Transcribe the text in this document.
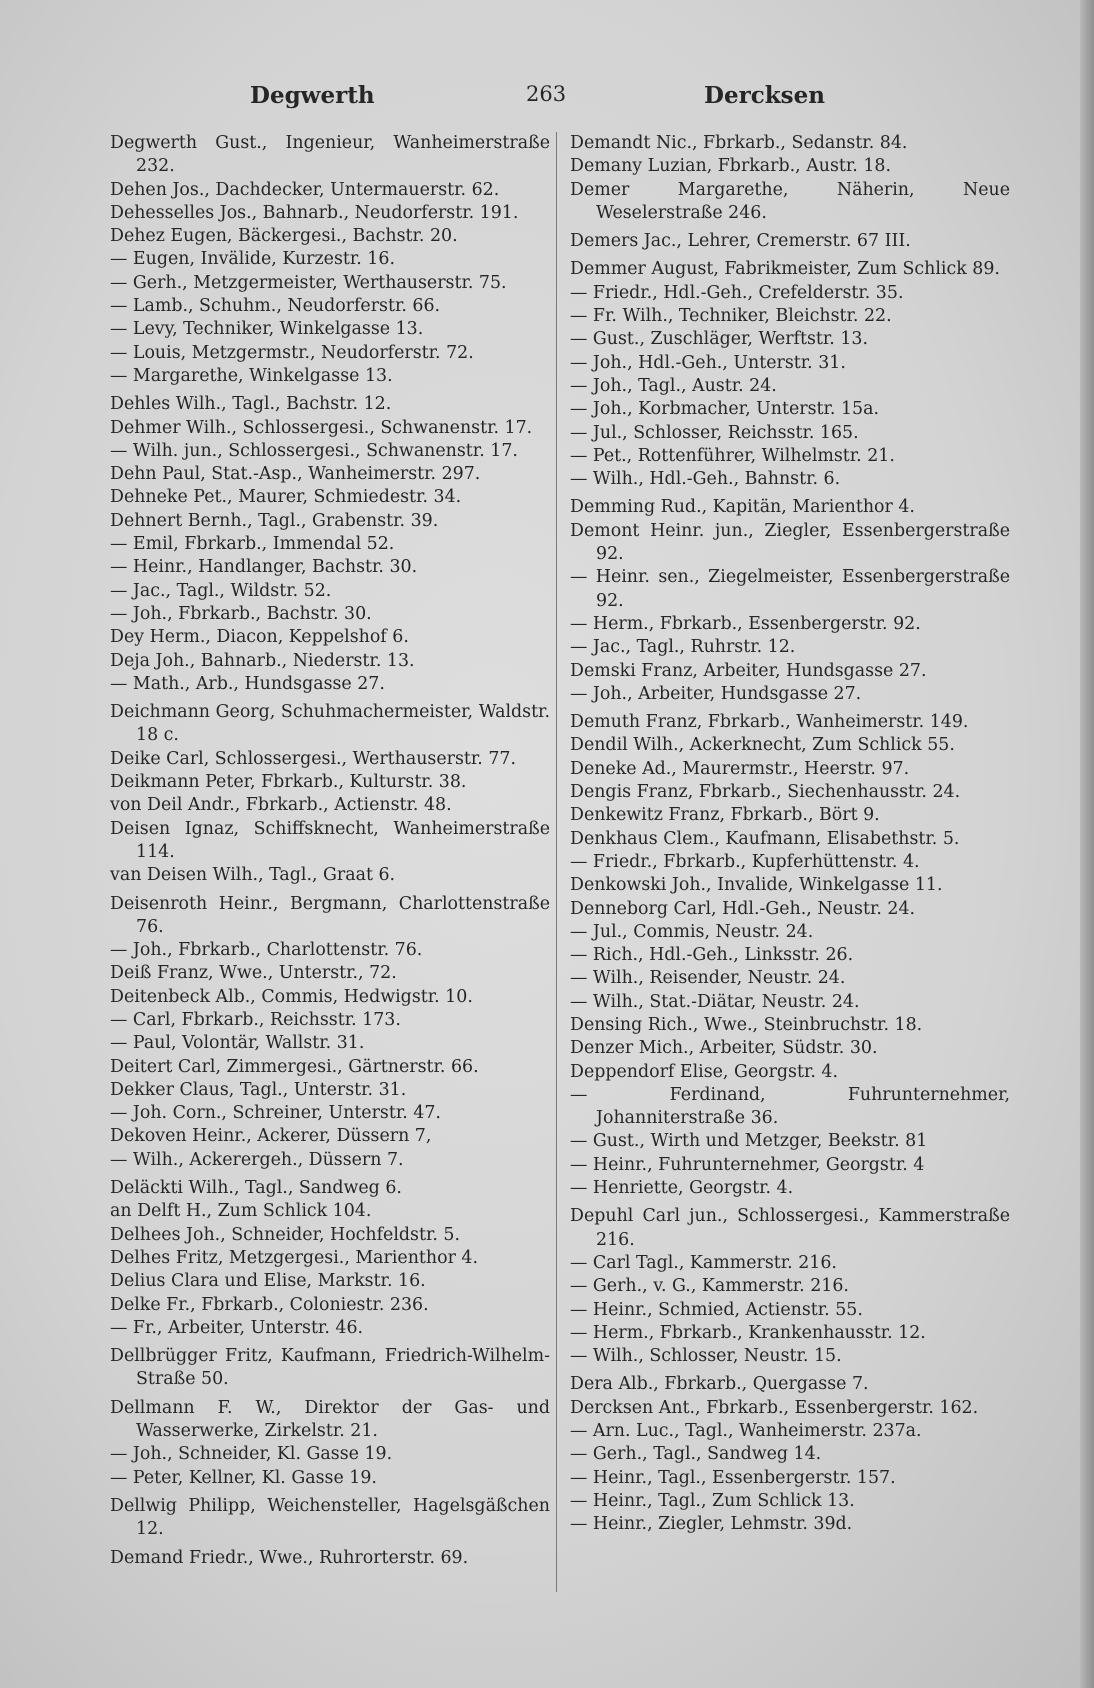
Degwerth	263	Dercksen
Degwerth Gust., Ingenieur, Wanheimerstraße 232.
Dehen Jos., Dachdecker, Untermauerstr. 62.
Dehesselles Jos., Bahnarb., Neudorferstr. 191.
Dehez Eugen, Bäckergesi., Bachstr. 20.
— Eugen, Invälide, Kurzestr. 16.
— Gerh., Metzgermeister, Werthauserstr. 75.
— Lamb., Schuhm., Neudorferstr. 66.
— Levy, Techniker, Winkelgasse 13.
— Louis, Metzgermstr., Neudorferstr. 72.
— Margarethe, Winkelgasse 13.
Dehles Wilh., Tagl., Bachstr. 12.
Dehmer Wilh., Schlossergesi., Schwanenstr. 17.
— Wilh. jun., Schlossergesi., Schwanenstr. 17.
Dehn Paul, Stat.-Asp., Wanheimerstr. 297.
Dehneke Pet., Maurer, Schmiedestr. 34.
Dehnert Bernh., Tagl., Grabenstr. 39.
— Emil, Fbrkarb., Immendal 52.
— Heinr., Handlanger, Bachstr. 30.
— Jac., Tagl., Wildstr. 52.
— Joh., Fbrkarb., Bachstr. 30.
Dey Herm., Diacon, Keppelshof 6.
Deja Joh., Bahnarb., Niederstr. 13.
— Math., Arb., Hundsgasse 27.
Deichmann Georg, Schuhmachermeister, Waldstr. 18 c.
Deike Carl, Schlossergesi., Werthauserstr. 77.
Deikmann Peter, Fbrkarb., Kulturstr. 38.
von Deil Andr., Fbrkarb., Actienstr. 48.
Deisen Ignaz, Schiffsknecht, Wanheimerstraße 114.
van Deisen Wilh., Tagl., Graat 6.
Deisenroth Heinr., Bergmann, Charlottenstraße 76.
— Joh., Fbrkarb., Charlottenstr. 76.
Deiß Franz, Wwe., Unterstr., 72.
Deitenbeck Alb., Commis, Hedwigstr. 10.
— Carl, Fbrkarb., Reichsstr. 173.
— Paul, Volontär, Wallstr. 31.
Deitert Carl, Zimmergesi., Gärtnerstr. 66.
Dekker Claus, Tagl., Unterstr. 31.
— Joh. Corn., Schreiner, Unterstr. 47.
Dekoven Heinr., Ackerer, Düssern 7,
— Wilh., Ackerergeh., Düssern 7.
Deläckti Wilh., Tagl., Sandweg 6.
an Delft H., Zum Schlick 104.
Delhees Joh., Schneider, Hochfeldstr. 5.
Delhes Fritz, Metzgergesi., Marienthor 4.
Delius Clara und Elise, Markstr. 16.
Delke Fr., Fbrkarb., Coloniestr. 236.
— Fr., Arbeiter, Unterstr. 46.
Dellbrügger Fritz, Kaufmann, Friedrich-Wilhelm-Straße 50.
Dellmann F. W., Direktor der Gas- und Wasserwerke, Zirkelstr. 21.
— Joh., Schneider, Kl. Gasse 19.
— Peter, Kellner, Kl. Gasse 19.
Dellwig Philipp, Weichensteller, Hagelsgäßchen 12.
Demand Friedr., Wwe., Ruhrorterstr. 69.
Demandt Nic., Fbrkarb., Sedanstr. 84.
Demany Luzian, Fbrkarb., Austr. 18.
Demer Margarethe, Näherin, Neue Weselerstraße 246.
Demers Jac., Lehrer, Cremerstr. 67 III.
Demmer August, Fabrikmeister, Zum Schlick 89.
— Friedr., Hdl.-Geh., Crefelderstr. 35.
— Fr. Wilh., Techniker, Bleichstr. 22.
— Gust., Zuschläger, Werftstr. 13.
— Joh., Hdl.-Geh., Unterstr. 31.
— Joh., Tagl., Austr. 24.
— Joh., Korbmacher, Unterstr. 15a.
— Jul., Schlosser, Reichsstr. 165.
— Pet., Rottenführer, Wilhelmstr. 21.
— Wilh., Hdl.-Geh., Bahnstr. 6.
Demming Rud., Kapitän, Marienthor 4.
Demont Heinr. jun., Ziegler, Essenbergerstraße 92.
— Heinr. sen., Ziegelmeister, Essenbergerstraße 92.
— Herm., Fbrkarb., Essenbergerstr. 92.
— Jac., Tagl., Ruhrstr. 12.
Demski Franz, Arbeiter, Hundsgasse 27.
— Joh., Arbeiter, Hundsgasse 27.
Demuth Franz, Fbrkarb., Wanheimerstr. 149.
Dendil Wilh., Ackerknecht, Zum Schlick 55.
Deneke Ad., Maurermstr., Heerstr. 97.
Dengis Franz, Fbrkarb., Siechenhausstr. 24.
Denkewitz Franz, Fbrkarb., Bört 9.
Denkhaus Clem., Kaufmann, Elisabethstr. 5.
— Friedr., Fbrkarb., Kupferhüttenstr. 4.
Denkowski Joh., Invalide, Winkelgasse 11.
Denneborg Carl, Hdl.-Geh., Neustr. 24.
— Jul., Commis, Neustr. 24.
— Rich., Hdl.-Geh., Linksstr. 26.
— Wilh., Reisender, Neustr. 24.
— Wilh., Stat.-Diätar, Neustr. 24.
Densing Rich., Wwe., Steinbruchstr. 18.
Denzer Mich., Arbeiter, Südstr. 30.
Deppendorf Elise, Georgstr. 4.
— Ferdinand, Fuhrunternehmer, Johanniterstraße 36.
— Gust., Wirth und Metzger, Beekstr. 81
— Heinr., Fuhrunternehmer, Georgstr. 4
— Henriette, Georgstr. 4.
Depuhl Carl jun., Schlossergesi., Kammerstraße 216.
— Carl Tagl., Kammerstr. 216.
— Gerh., v. G., Kammerstr. 216.
— Heinr., Schmied, Actienstr. 55.
— Herm., Fbrkarb., Krankenhausstr. 12.
— Wilh., Schlosser, Neustr. 15.
Dera Alb., Fbrkarb., Quergasse 7.
Dercksen Ant., Fbrkarb., Essenbergerstr. 162.
— Arn. Luc., Tagl., Wanheimerstr. 237a.
— Gerh., Tagl., Sandweg 14.
— Heinr., Tagl., Essenbergerstr. 157.
— Heinr., Tagl., Zum Schlick 13.
— Heinr., Ziegler, Lehmstr. 39d.
